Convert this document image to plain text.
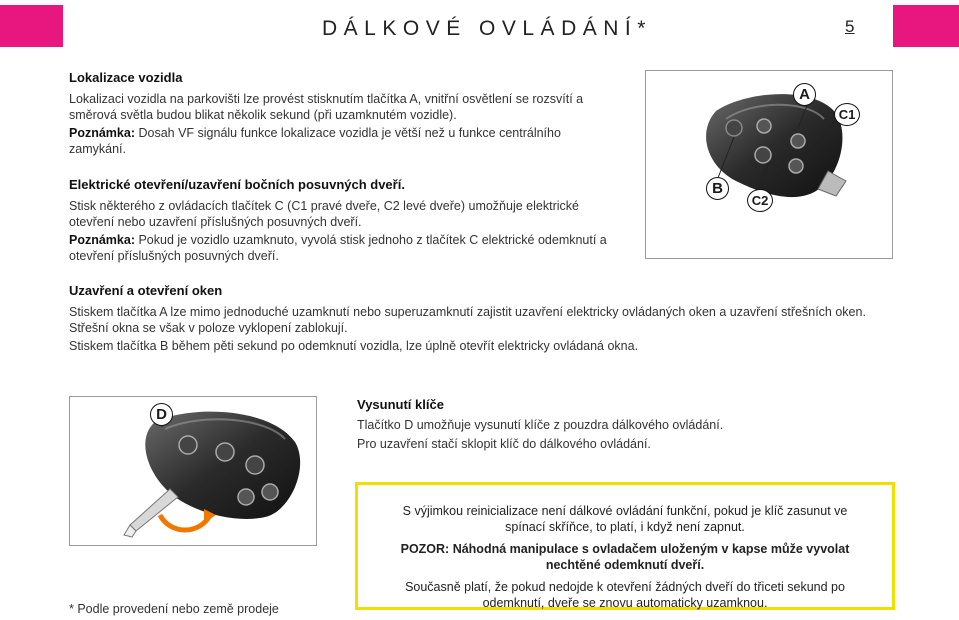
DÁLKOVÉ OVLÁDÁNÍ*	5
Lokalizace vozidla
Lokalizaci vozidla na parkovišti lze provést stisknutím tlačítka A, vnitřní osvětlení se rozsvítí a směrová světla budou blikat několik sekund (při uzamknutém vozidle).
Poznámka: Dosah VF signálu funkce lokalizace vozidla je větší než u funkce centrálního zamykání.
Elektrické otevření/uzavření bočních posuvných dveří.
Stisk některého z ovládacích tlačítek C (C1 pravé dveře, C2 levé dveře) umožňuje elektrické otevření nebo uzavření příslušných posuvných dveří.
Poznámka: Pokud je vozidlo uzamknuto, vyvolá stisk jednoho z tlačítek C elektrické odemknutí a otevření příslušných posuvných dveří.
A
C1
B
C2
Uzavření a otevření oken
Stiskem tlačítka A lze mimo jednoduché uzamknutí nebo superuzamknutí zajistit uzavření elektricky ovládaných oken a uzavření střešních oken. Střešní okna se však v poloze vyklopení zablokují.
Stiskem tlačítka B během pěti sekund po odemknutí vozidla, lze úplně otevřít elektricky ovládaná okna.
D
Vysunutí klíče
Tlačítko D umožňuje vysunutí klíče z pouzdra dálkového ovládání.
Pro uzavření stačí sklopit klíč do dálkového ovládání.

S výjimkou reinicializace není dálkové ovládání funkční, pokud je klíč zasunut ve spínací skříňce, to platí, i když není zapnut.

POZOR: Náhodná manipulace s ovladačem uloženým v kapse může vyvolat nechtěné odemknutí dveří.

Současně platí, že pokud nedojde k otevření žádných dveří do třiceti sekund po odemknutí, dveře se znovu automaticky uzamknou.

* Podle provedení nebo země prodeje
